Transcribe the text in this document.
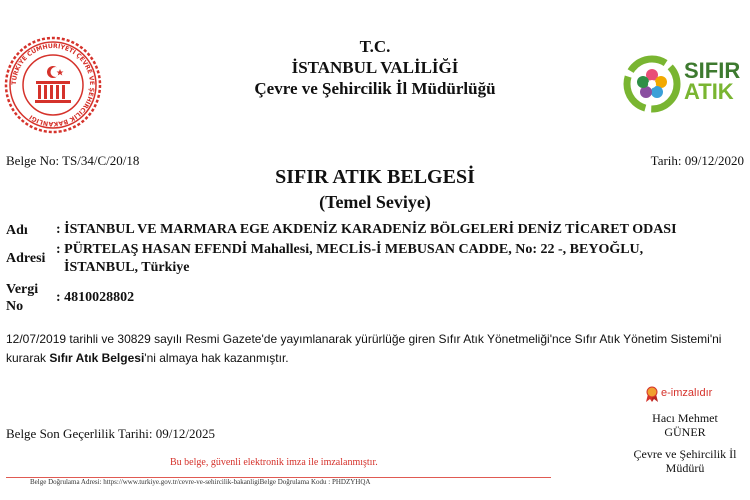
TÜRKİYE CUMHURİYETİ ÇEVRE VE ŞEHİRCİLİK BAKANLIĞI
T.C.
İSTANBUL VALİLİĞİ
Çevre ve Şehircilik İl Müdürlüğü
SIFIR
ATIK
Belge No: TS/34/C/20/18	Tarih: 09/12/2020
SIFIR ATIK BELGESİ
(Temel Seviye)
Adı : İSTANBUL VE MARMARA EGE AKDENİZ KARADENİZ BÖLGELERİ DENİZ TİCARET ODASI
Adresi
: PÜRTELAŞ HASAN EFENDİ Mahallesi, MECLİS-İ MEBUSAN CADDE, No: 22 -, BEYOĞLU,
İSTANBUL, Türkiye
Vergi
No
: 4810028802
12/07/2019 tarihli ve 30829 sayılı Resmi Gazete'de yayımlanarak yürürlüğe giren Sıfır Atık Yönetmeliği'nce Sıfır Atık Yönetim Sistemi'ni kurarak Sıfır Atık Belgesi'ni almaya hak kazanmıştır.
Belge Son Geçerlilik Tarihi: 09/12/2025
e-imzalıdır
Hacı Mehmet
GÜNER
Çevre ve Şehircilik İl
Müdürü
Bu belge, güvenli elektronik imza ile imzalanmıştır.
Belge Doğrulama Adresi: https://www.turkiye.gov.tr/cevre-ve-sehircilik-bakanligiBelge Doğrulama Kodu : PHDZYHQA
